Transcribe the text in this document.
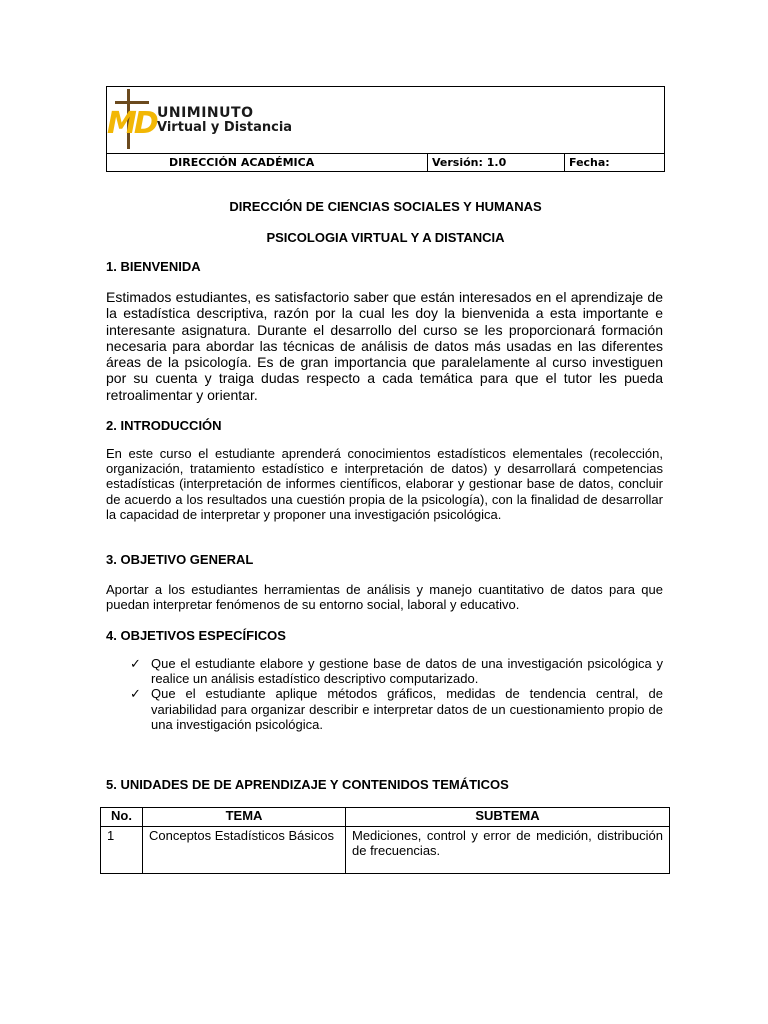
MD UNIMINUTO
Virtual y Distancia
DIRECCIÓN ACADÉMICA	Versión: 1.0	Fecha:
DIRECCIÓN DE CIENCIAS SOCIALES Y HUMANAS
PSICOLOGIA VIRTUAL Y A DISTANCIA
1. BIENVENIDA
Estimados estudiantes, es satisfactorio saber que están interesados en el aprendizaje de la estadística descriptiva, razón por la cual les doy la bienvenida a esta importante e interesante asignatura. Durante el desarrollo del curso se les proporcionará formación necesaria para abordar las técnicas de análisis de datos más usadas en las diferentes áreas de la psicología. Es de gran importancia que paralelamente al curso investiguen por su cuenta y traiga dudas respecto a cada temática para que el tutor les pueda retroalimentar y orientar.
2. INTRODUCCIÓN
En este curso el estudiante aprenderá conocimientos estadísticos elementales (recolección, organización, tratamiento estadístico e interpretación de datos) y desarrollará competencias estadísticas (interpretación de informes científicos, elaborar y gestionar base de datos, concluir de acuerdo a los resultados una cuestión propia de la psicología), con la finalidad de desarrollar la capacidad de interpretar y proponer una investigación psicológica.
3. OBJETIVO GENERAL
Aportar a los estudiantes herramientas de análisis y manejo cuantitativo de datos para que puedan interpretar fenómenos de su entorno social, laboral y educativo.
4. OBJETIVOS ESPECÍFICOS
✓ Que el estudiante elabore y gestione base de datos de una investigación psicológica y realice un análisis estadístico descriptivo computarizado.
✓ Que el estudiante aplique métodos gráficos, medidas de tendencia central, de variabilidad para organizar describir e interpretar datos de un cuestionamiento propio de una investigación psicológica.
5. UNIDADES DE DE APRENDIZAJE Y CONTENIDOS TEMÁTICOS
No.	TEMA	SUBTEMA
1	Conceptos Estadísticos Básicos	Mediciones, control y error de medición, distribución de frecuencias.
